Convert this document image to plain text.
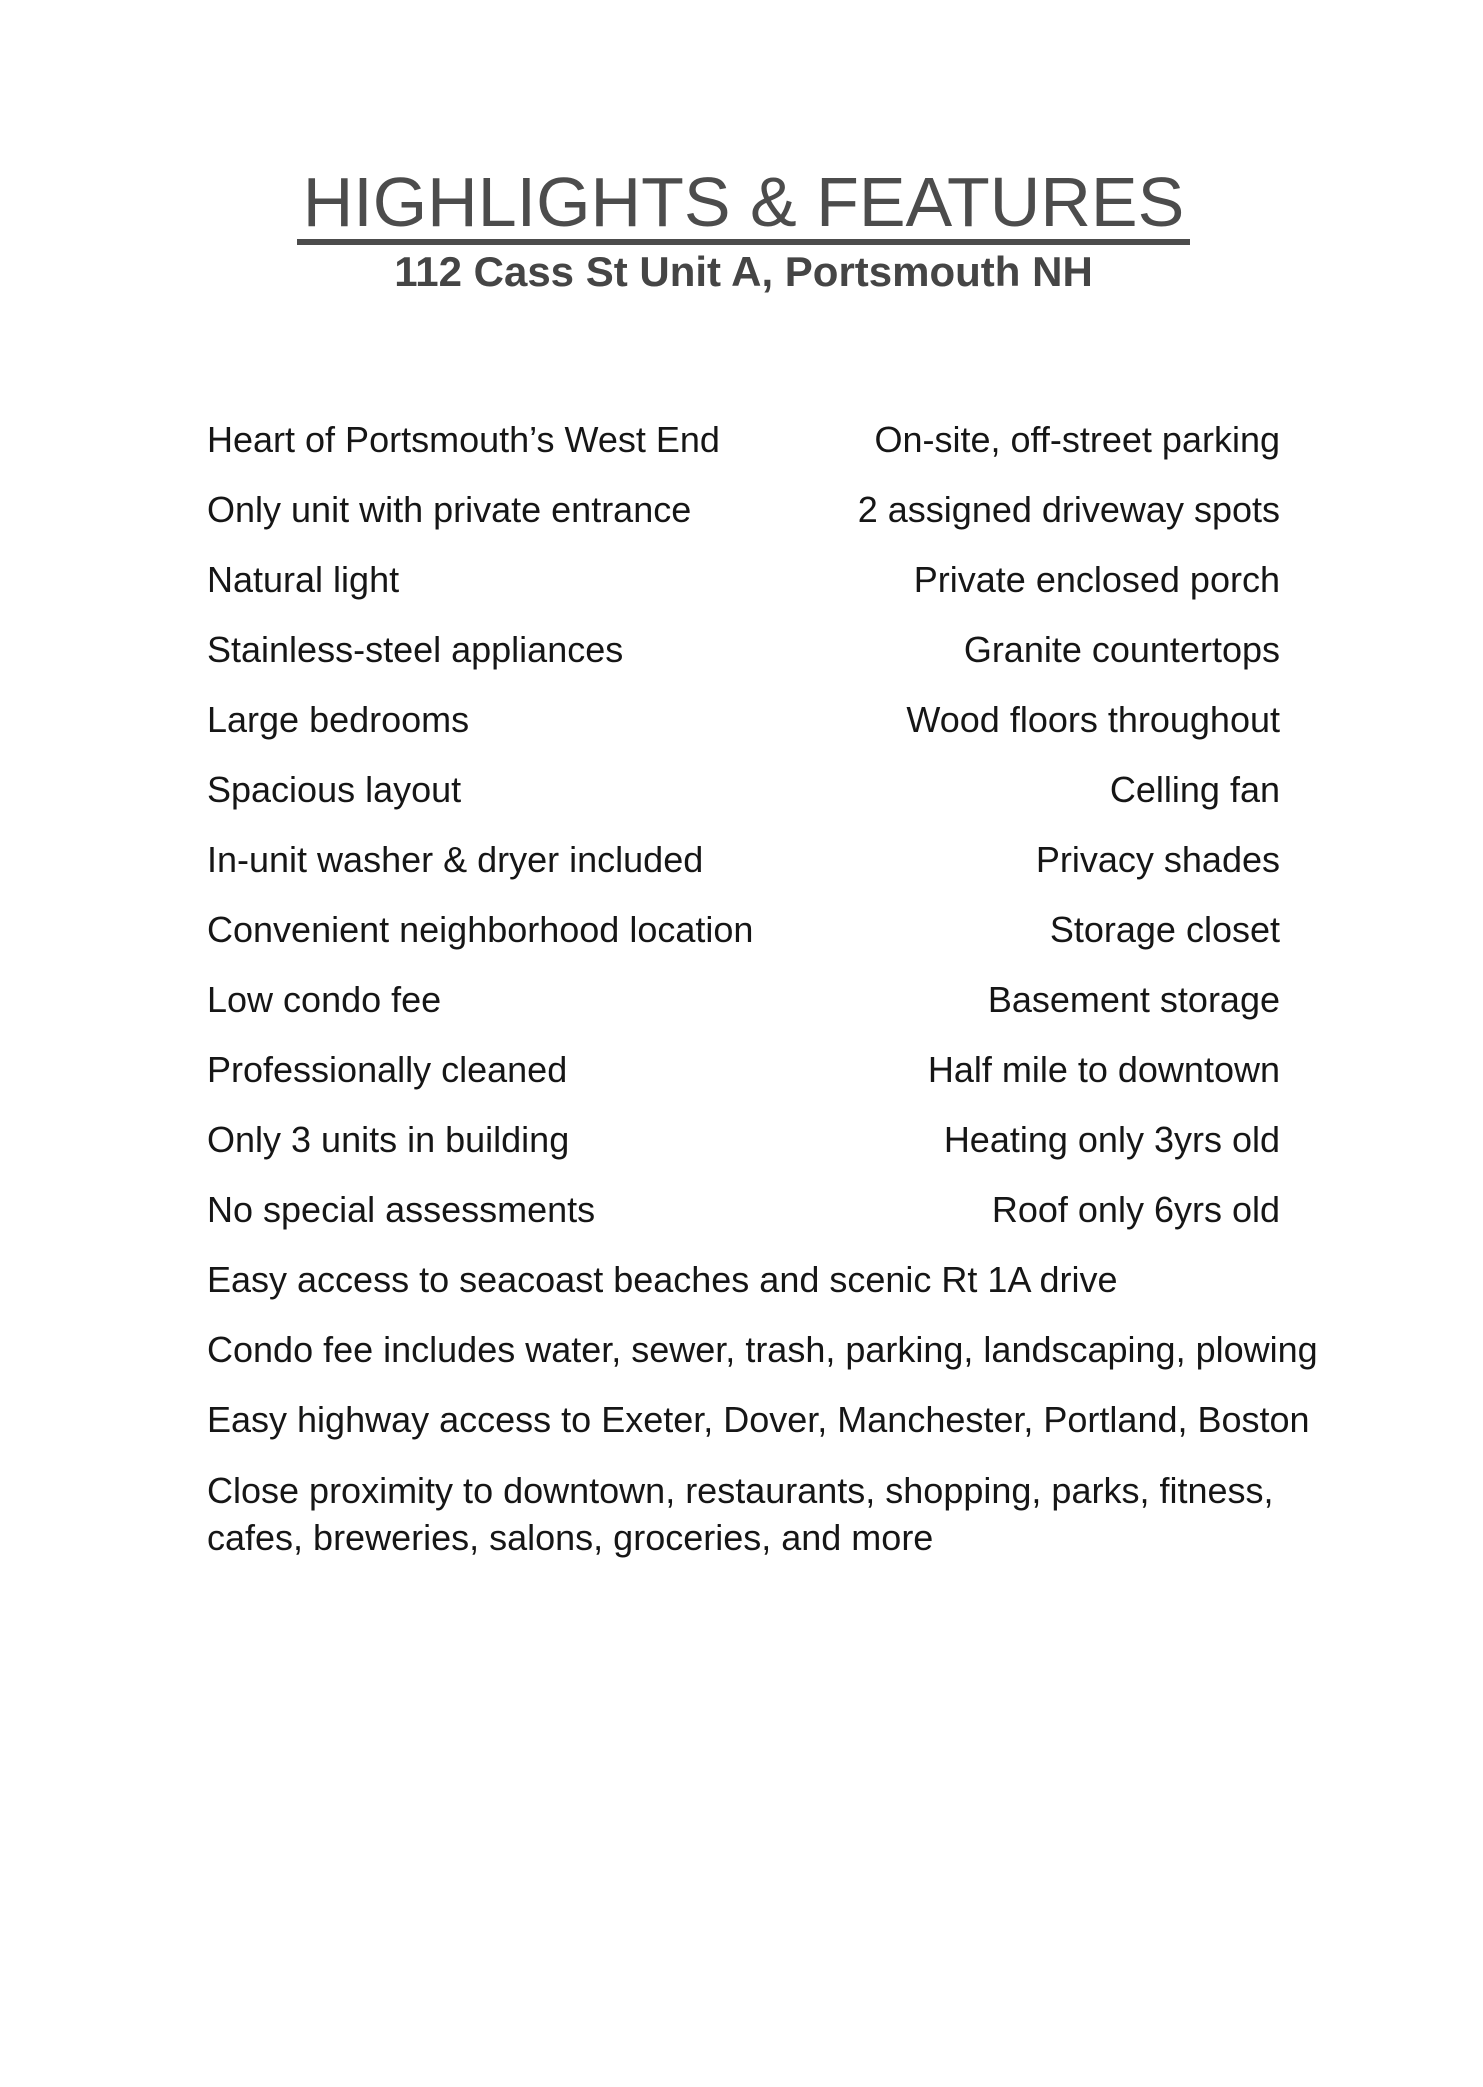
HIGHLIGHTS & FEATURES
112 Cass St Unit A, Portsmouth NH
Heart of Portsmouth’s West End	On-site, off-street parking
Only unit with private entrance	2 assigned driveway spots
Natural light	Private enclosed porch
Stainless-steel appliances	Granite countertops
Large bedrooms	Wood floors throughout
Spacious layout	Celling fan
In-unit washer & dryer included	Privacy shades
Convenient neighborhood location	Storage closet
Low condo fee	Basement storage
Professionally cleaned	Half mile to downtown
Only 3 units in building	Heating only 3yrs old
No special assessments	Roof only 6yrs old
Easy access to seacoast beaches and scenic Rt 1A drive
Condo fee includes water, sewer, trash, parking, landscaping, plowing
Easy highway access to Exeter, Dover, Manchester, Portland, Boston

Close proximity to downtown, restaurants, shopping, parks, fitness, cafes, breweries, salons, groceries, and more
